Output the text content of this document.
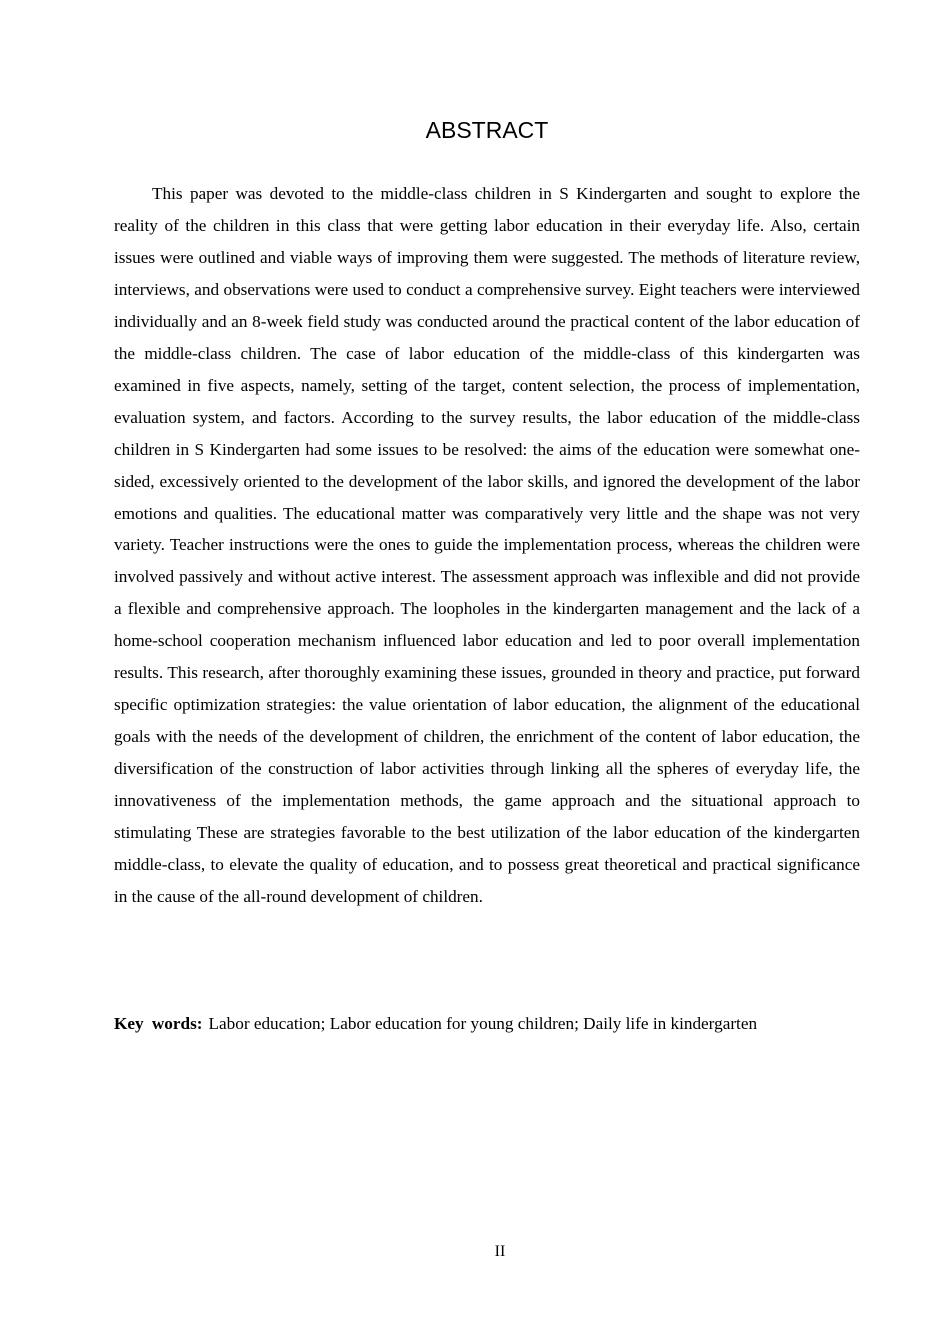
ABSTRACT

This paper was devoted to the middle-class children in S Kindergarten and sought to explore the reality of the children in this class that were getting labor education in their everyday life. Also, certain issues were outlined and viable ways of improving them were suggested. The methods of literature review, interviews, and observations were used to conduct a comprehensive survey. Eight teachers were interviewed individually and an 8-week field study was conducted around the practical content of the labor education of the middle-class children. The case of labor education of the middle-class of this kindergarten was examined in five aspects, namely, setting of the target, content selection, the process of implementation, evaluation system, and factors. According to the survey results, the labor education of the middle-class children in S Kindergarten had some issues to be resolved: the aims of the education were somewhat one-sided, excessively oriented to the development of the labor skills, and ignored the development of the labor emotions and qualities. The educational matter was comparatively very little and the shape was not very variety. Teacher instructions were the ones to guide the implementation process, whereas the children were involved passively and without active interest. The assessment approach was inflexible and did not provide a flexible and comprehensive approach. The loopholes in the kindergarten management and the lack of a home-school cooperation mechanism influenced labor education and led to poor overall implementation results. This research, after thoroughly examining these issues, grounded in theory and practice, put forward specific optimization strategies: the value orientation of labor education, the alignment of the educational goals with the needs of the development of children, the enrichment of the content of labor education, the diversification of the construction of labor activities through linking all the spheres of everyday life, the innovativeness of the implementation methods, the game approach and the situational approach to stimulating These are strategies favorable to the best utilization of the labor education of the kindergarten middle-class, to elevate the quality of education, and to possess great theoretical and practical significance in the cause of the all-round development of children.

Key words: Labor education; Labor education for young children; Daily life in kindergarten

II
